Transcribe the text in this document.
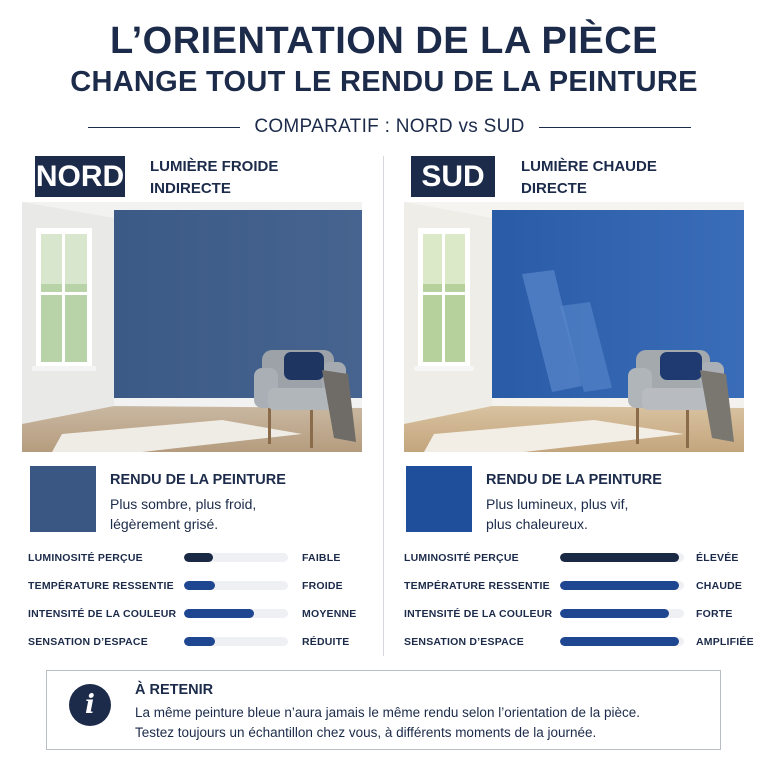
L’ORIENTATION DE LA PIÈCE
CHANGE TOUT LE RENDU DE LA PEINTURE
COMPARATIF : NORD vs SUD
NORD LUMIÈRE FROIDE
INDIRECTE
RENDU DE LA PEINTURE
Plus sombre, plus froid,
légèrement grisé.
LUMINOSITÉ PERÇUE	FAIBLE
TEMPÉRATURE RESSENTIE	FROIDE
INTENSITÉ DE LA COULEUR	MOYENNE
SENSATION D’ESPACE	RÉDUITE
SUD	LUMIÈRE CHAUDE
DIRECTE
RENDU DE LA PEINTURE
Plus lumineux, plus vif,
plus chaleureux.
LUMINOSITÉ PERÇUE	ÉLEVÉE
TEMPÉRATURE RESSENTIE	CHAUDE
INTENSITÉ DE LA COULEUR	FORTE
SENSATION D’ESPACE	AMPLIFIÉE
i	À RETENIR
La même peinture bleue n’aura jamais le même rendu selon l’orientation de la pièce.
Testez toujours un échantillon chez vous, à différents moments de la journée.
